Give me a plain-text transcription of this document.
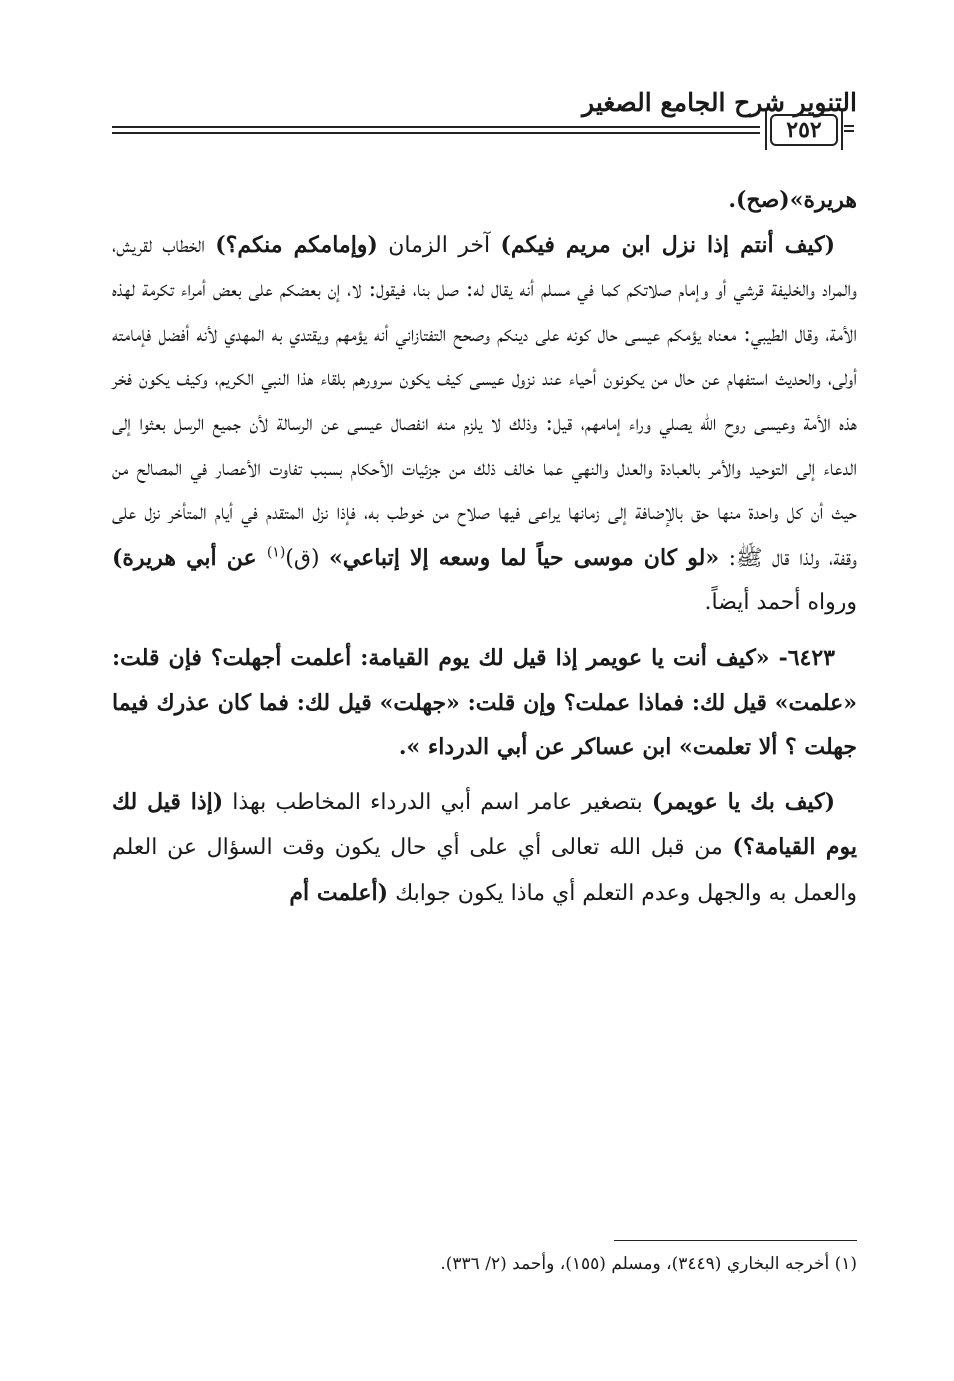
التنوير شرح الجامع الصغير
٢٥٢

هريرة»(صح).

 (كيف أنتم إذا نزل ابن مريم فيكم) آخر الزمان (وإمامكم منكم؟) الخطاب لقريش، والمراد والخليفة قرشي أو وإمام صلاتكم كما في مسلم أنه يقال له: صل بنا، فيقول: لا، إن بعضكم على بعض أمراء تكرمة لهذه الأمة، وقال الطيبي: معناه يؤمكم عيسى حال كونه على دينكم وصحح التفتازاني أنه يؤمهم ويقتدي به المهدي لأنه أفضل فإمامته أولى، والحديث استفهام عن حال من يكونون أحياء عند نزول عيسى كيف يكون سرورهم بلقاء هذا النبي الكريم، وكيف يكون فخر هذه الأمة وعيسى روح الله يصلي وراء إمامهم، قيل: وذلك لا يلزم منه انفصال عيسى عن الرسالة لأن جميع الرسل بعثوا إلى الدعاء إلى التوحيد والأمر بالعبادة والعدل والنهي عما خالف ذلك من جزئيات الأحكام بسبب تفاوت الأعصار في المصالح من حيث أن كل واحدة منها حق بالإضافة إلى زمانها يراعى فيها صلاح من خوطب به، فإذا نزل المتقدم في أيام المتأخر نزل على وقفة، ولذا قال ﷺ: «لو كان موسى حياً لما وسعه إلا إتباعي» (ق)$^{(١)}$ عن أبي هريرة) ورواه أحمد أيضاً.

 ٦٤٢٣- «كيف أنت يا عويمر إذا قيل لك يوم القيامة: أعلمت أجهلت؟ فإن قلت: «علمت» قيل لك: فماذا عملت؟ وإن قلت: «جهلت» قيل لك: فما كان عذرك فيما جهلت ؟ ألا تعلمت» ابن عساكر عن أبي الدرداء ».

 (كيف بك يا عويمر) بتصغير عامر اسم أبي الدرداء المخاطب بهذا (إذا قيل لك يوم القيامة؟) من قبل الله تعالى أي على أي حال يكون وقت السؤال عن العلم والعمل به والجهل وعدم التعلم أي ماذا يكون جوابك (أعلمت أم

(١) أخرجه البخاري (٣٤٤٩)، ومسلم (١٥٥)، وأحمد (٢/ ٣٣٦).
